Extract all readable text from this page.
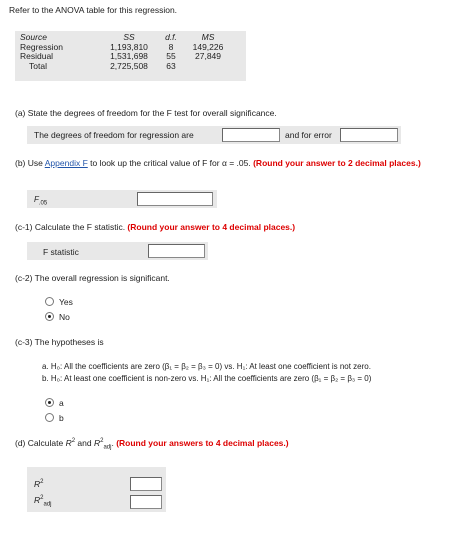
Refer to the ANOVA table for this regression.
Source	SS	d.f.	MS
Regression	1,193,810	8	149,226
Residual	1,531,698	55	27,849
Total	2,725,508	63	
(a) State the degrees of freedom for the F test for overall significance.
The degrees of freedom for regression are	and for error
(b) Use Appendix F to look up the critical value of F for α = .05. (Round your answer to 2 decimal places.)
$F_{.05}$
(c-1) Calculate the F statistic. (Round your answer to 4 decimal places.)
F statistic
(c-2) The overall regression is significant.
Yes
No
(c-3) The hypotheses is
a. H₀: All the coefficients are zero (β₁ = β₂ = β₃ = 0) vs. H₁: At least one coefficient is not zero.
b. H₀: At least one coefficient is non-zero vs. H₁: All the coefficients are zero (β₁ = β₂ = β₃ = 0)
a
b
(d) Calculate $R^2$ and $R^2_{adj}$. (Round your answers to 4 decimal places.)
$R^2$
$R^2_{adj}$
